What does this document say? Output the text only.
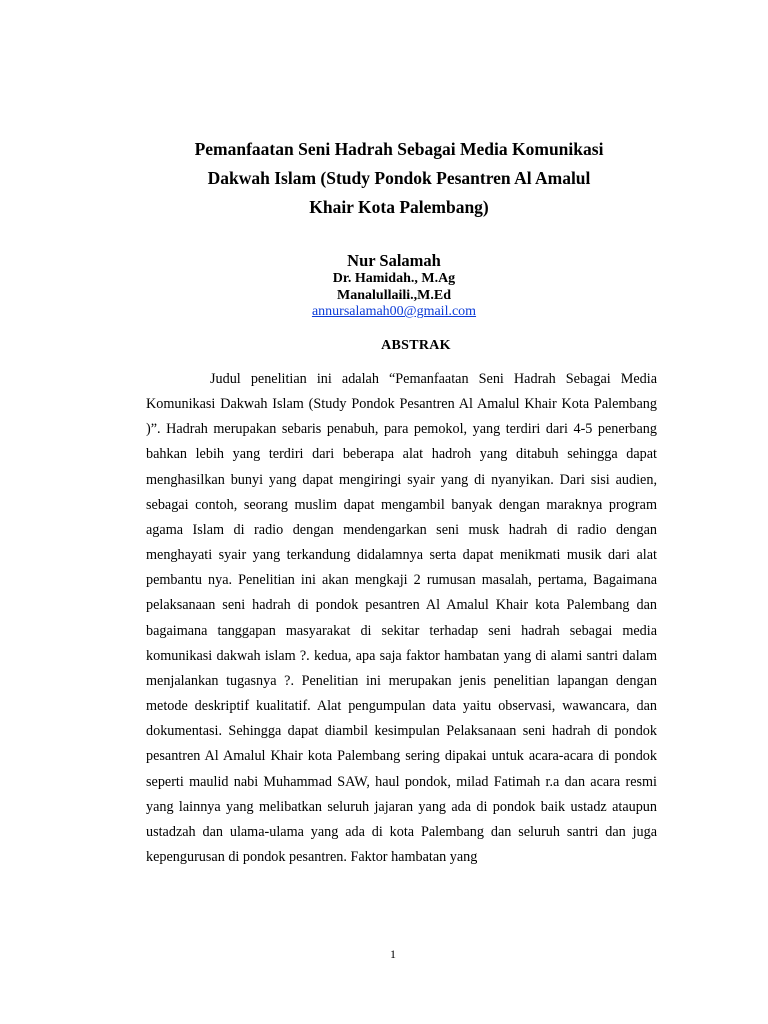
Pemanfaatan Seni Hadrah Sebagai Media Komunikasi
Dakwah Islam (Study Pondok Pesantren Al Amalul
Khair Kota Palembang)

Nur Salamah

Dr. Hamidah., M.Ag

Manalullaili.,M.Ed

annursalamah00@gmail.com

ABSTRAK

Judul penelitian ini adalah “Pemanfaatan Seni Hadrah Sebagai Media Komunikasi Dakwah Islam (Study Pondok Pesantren Al Amalul Khair Kota Palembang )”. Hadrah merupakan sebaris penabuh, para pemokol, yang terdiri dari 4-5 penerbang bahkan lebih yang terdiri dari beberapa alat hadroh yang ditabuh sehingga dapat menghasilkan bunyi yang dapat mengiringi syair yang di nyanyikan. Dari sisi audien, sebagai contoh, seorang muslim dapat mengambil banyak dengan maraknya program agama Islam di radio dengan mendengarkan seni musk hadrah di radio dengan menghayati syair yang terkandung didalamnya serta dapat menikmati musik dari alat pembantu nya. Penelitian ini akan mengkaji 2 rumusan masalah, pertama, Bagaimana pelaksanaan seni hadrah di pondok pesantren Al Amalul Khair kota Palembang dan bagaimana tanggapan masyarakat di sekitar terhadap seni hadrah sebagai media komunikasi dakwah islam ?. kedua, apa saja faktor hambatan yang di alami santri dalam menjalankan tugasnya ?. Penelitian ini merupakan jenis penelitian lapangan dengan metode deskriptif kualitatif. Alat pengumpulan data yaitu observasi, wawancara, dan dokumentasi. Sehingga dapat diambil kesimpulan Pelaksanaan seni hadrah di pondok pesantren Al Amalul Khair kota Palembang sering dipakai untuk acara-acara di pondok seperti maulid nabi Muhammad SAW, haul pondok, milad Fatimah r.a dan acara resmi yang lainnya yang melibatkan seluruh jajaran yang ada di pondok baik ustadz ataupun ustadzah dan ulama-ulama yang ada di kota Palembang dan seluruh santri dan juga kepengurusan di pondok pesantren. Faktor hambatan yang

1
